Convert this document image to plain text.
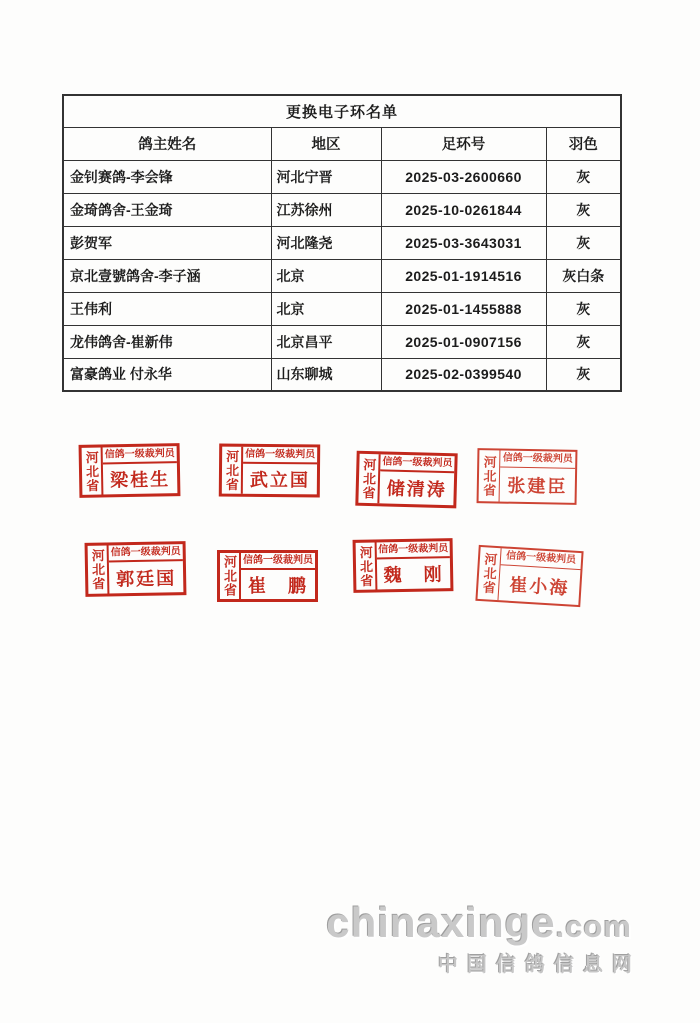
更换电子环名单			
鸽主姓名	地区	足环号	羽色
金钊赛鸽-李会锋	河北宁晋	2025-03-2600660	灰
金琦鸽舍-王金琦	江苏徐州	2025-10-0261844	灰
彭贺军	河北隆尧	2025-03-3643031	灰
京北壹號鸽舍-李子涵	北京	2025-01-1914516	灰白条
王伟利	北京	2025-01-1455888	灰
龙伟鸽舍-崔新伟	北京昌平	2025-01-0907156	灰
富豪鸽业 付永华	山东聊城	2025-02-0399540	灰
河北省 信鸽一级裁判员
梁桂生	河北省 信鸽一级裁判员
武立国	河北省 信鸽一级裁判员
储清涛	河北省 信鸽一级裁判员
张建臣
河北省 信鸽一级裁判员
郭廷国	河北省 信鸽一级裁判员
崔　鹏	河北省 信鸽一级裁判员
魏　刚	河北省 信鸽一级裁判员
崔小海
chinaxinge.com
中国信鸽信息网
